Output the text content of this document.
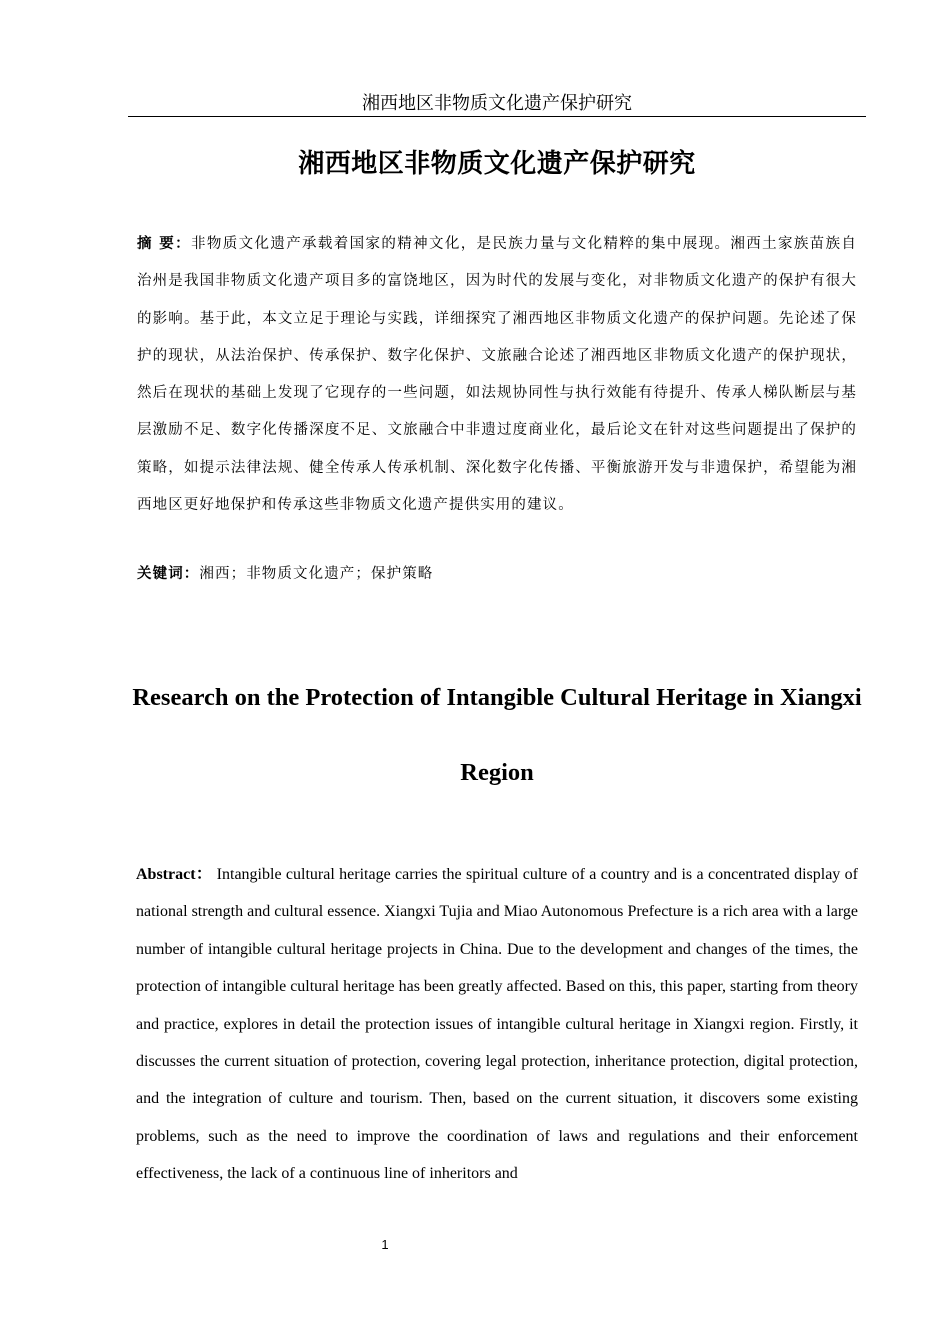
湘西地区非物质文化遗产保护研究
湘西地区非物质文化遗产保护研究
摘 要：非物质文化遗产承载着国家的精神文化，是民族力量与文化精粹的集中展现。湘西土家族苗族自治州是我国非物质文化遗产项目多的富饶地区，因为时代的发展与变化，对非物质文化遗产的保护有很大的影响。基于此，本文立足于理论与实践，详细探究了湘西地区非物质文化遗产的保护问题。先论述了保护的现状，从法治保护、传承保护、数字化保护、文旅融合论述了湘西地区非物质文化遗产的保护现状，然后在现状的基础上发现了它现存的一些问题，如法规协同性与执行效能有待提升、传承人梯队断层与基层激励不足、数字化传播深度不足、文旅融合中非遗过度商业化，最后论文在针对这些问题提出了保护的策略，如提示法律法规、健全传承人传承机制、深化数字化传播、平衡旅游开发与非遗保护，希望能为湘西地区更好地保护和传承这些非物质文化遗产提供实用的建议。
关键词：湘西；非物质文化遗产；保护策略
Research on the Protection of Intangible Cultural Heritage in Xiangxi Region
Abstract： Intangible cultural heritage carries the spiritual culture of a country and is a concentrated display of national strength and cultural essence. Xiangxi Tujia and Miao Autonomous Prefecture is a rich area with a large number of intangible cultural heritage projects in China. Due to the development and changes of the times, the protection of intangible cultural heritage has been greatly affected. Based on this, this paper, starting from theory and practice, explores in detail the protection issues of intangible cultural heritage in Xiangxi region. Firstly, it discusses the current situation of protection, covering legal protection, inheritance protection, digital protection, and the integration of culture and tourism. Then, based on the current situation, it discovers some existing problems, such as the need to improve the coordination of laws and regulations and their enforcement effectiveness, the lack of a continuous line of inheritors and
1
